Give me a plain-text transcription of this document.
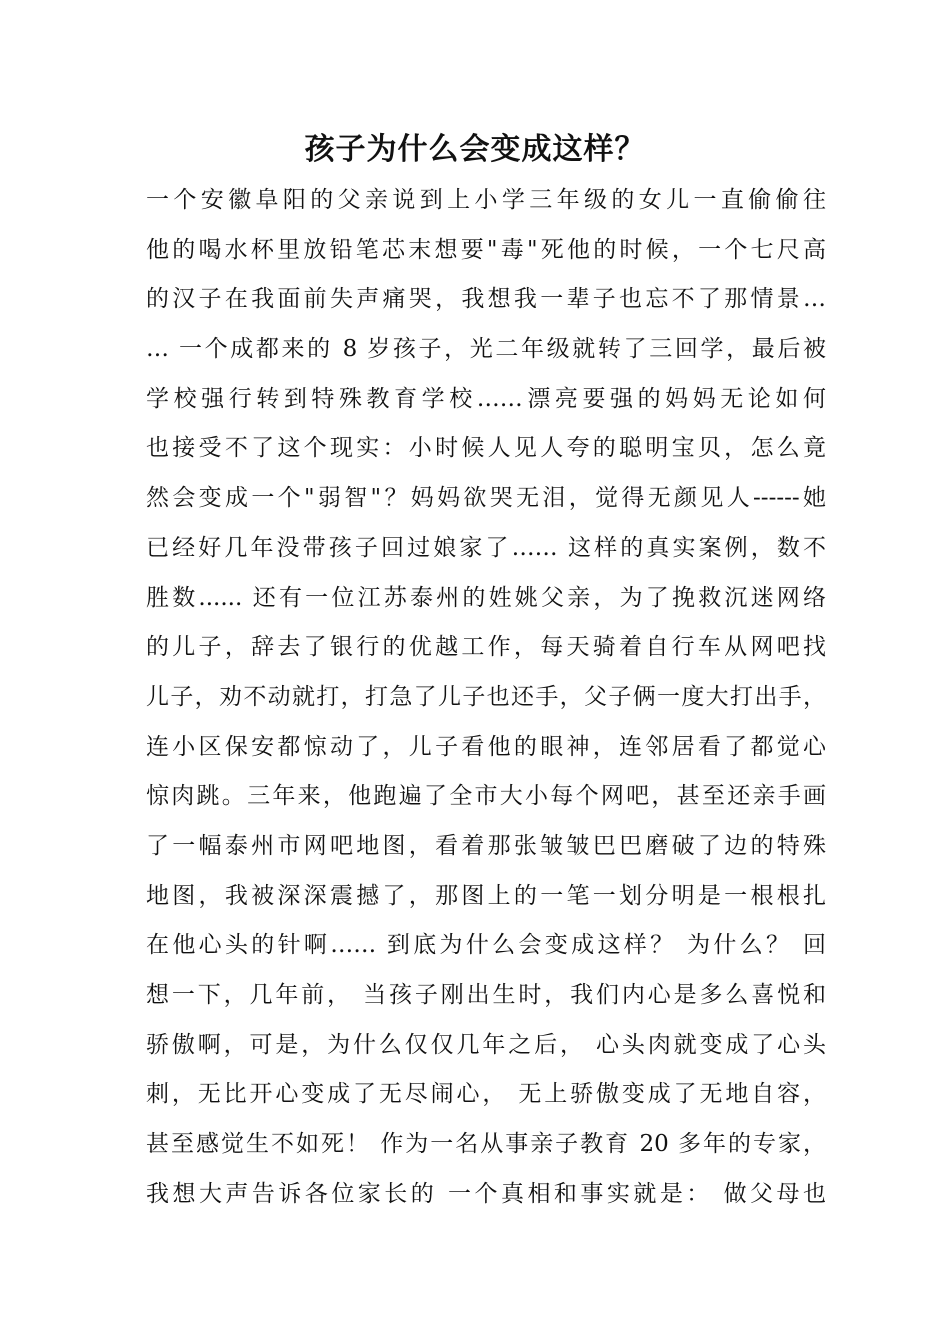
孩子为什么会变成这样？
一个安徽阜阳的父亲说到上小学三年级的女儿一直偷偷往
他的喝水杯里放铅笔芯末想要"毒"死他的时候，一个七尺高
的汉子在我面前失声痛哭，我想我一辈子也忘不了那情景…
… 一个成都来的 8 岁孩子，光二年级就转了三回学，最后被
学校强行转到特殊教育学校……漂亮要强的妈妈无论如何
也接受不了这个现实：小时候人见人夸的聪明宝贝，怎么竟
然会变成一个"弱智"？妈妈欲哭无泪，觉得无颜见人------她
已经好几年没带孩子回过娘家了…… 这样的真实案例，数不
胜数...... 还有一位江苏泰州的姓姚父亲，为了挽救沉迷网络
的儿子，辞去了银行的优越工作，每天骑着自行车从网吧找
儿子，劝不动就打，打急了儿子也还手，父子俩一度大打出手，
连小区保安都惊动了，儿子看他的眼神，连邻居看了都觉心
惊肉跳。三年来，他跑遍了全市大小每个网吧，甚至还亲手画
了一幅泰州市网吧地图，看着那张皱皱巴巴磨破了边的特殊
地图，我被深深震撼了，那图上的一笔一划分明是一根根扎
在他心头的针啊…… 到底为什么会变成这样？ 为什么？ 回
想一下，几年前， 当孩子刚出生时，我们内心是多么喜悦和
骄傲啊，可是，为什么仅仅几年之后， 心头肉就变成了心头
刺，无比开心变成了无尽闹心， 无上骄傲变成了无地自容，
甚至感觉生不如死！ 作为一名从事亲子教育 20 多年的专家，
我想大声告诉各位家长的 一个真相和事实就是： 做父母也
